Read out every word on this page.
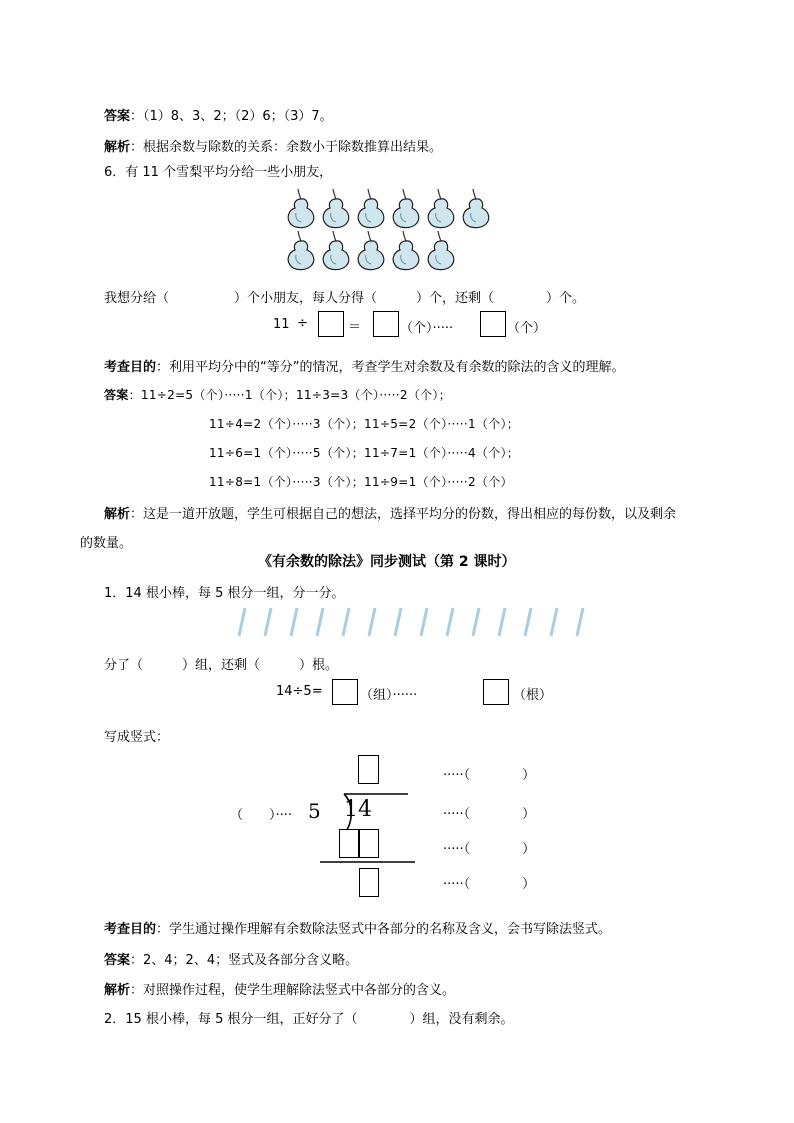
答案：（1）8、3、2；（2）6；（3）7。
解析：根据余数与除数的关系：余数小于除数推算出结果。
6．有 11 个雪梨平均分给一些小朋友，
我想分给（　　　　　）个小朋友，每人分得（　　　）个，还剩（　　　　）个。
11 ÷	＝	（个）·····	（个）
考查目的：利用平均分中的“等分”的情况，考查学生对余数及有余数的除法的含义的理解。
答案：11÷2=5（个）·····1（个）；11÷3=3（个）·····2（个）；
11÷4=2（个）·····3（个）；11÷5=2（个）·····1（个）；
11÷6=1（个）·····5（个）；11÷7=1（个）·····4（个）；
11÷8=1（个）·····3（个）；11÷9=1（个）·····2（个）
解析：这是一道开放题，学生可根据自己的想法，选择平均分的份数，得出相应的每份数，以及剩余
的数量。
《有余数的除法》同步测试（第 2 课时）
1．14 根小棒，每 5 根分一组，分一分。
分了（　　　）组，还剩（　　　）根。
14÷5=	（组）······	（根）
写成竖式：
（　　）···· 5 14
·····（　　　　）
·····（　　　　）
·····（　　　　）
·····（　　　　）
考查目的：学生通过操作理解有余数除法竖式中各部分的名称及含义，会书写除法竖式。
答案：2、4；2、4；竖式及各部分含义略。
解析：对照操作过程，使学生理解除法竖式中各部分的含义。
2．15 根小棒，每 5 根分一组，正好分了（　　　　）组，没有剩余。
